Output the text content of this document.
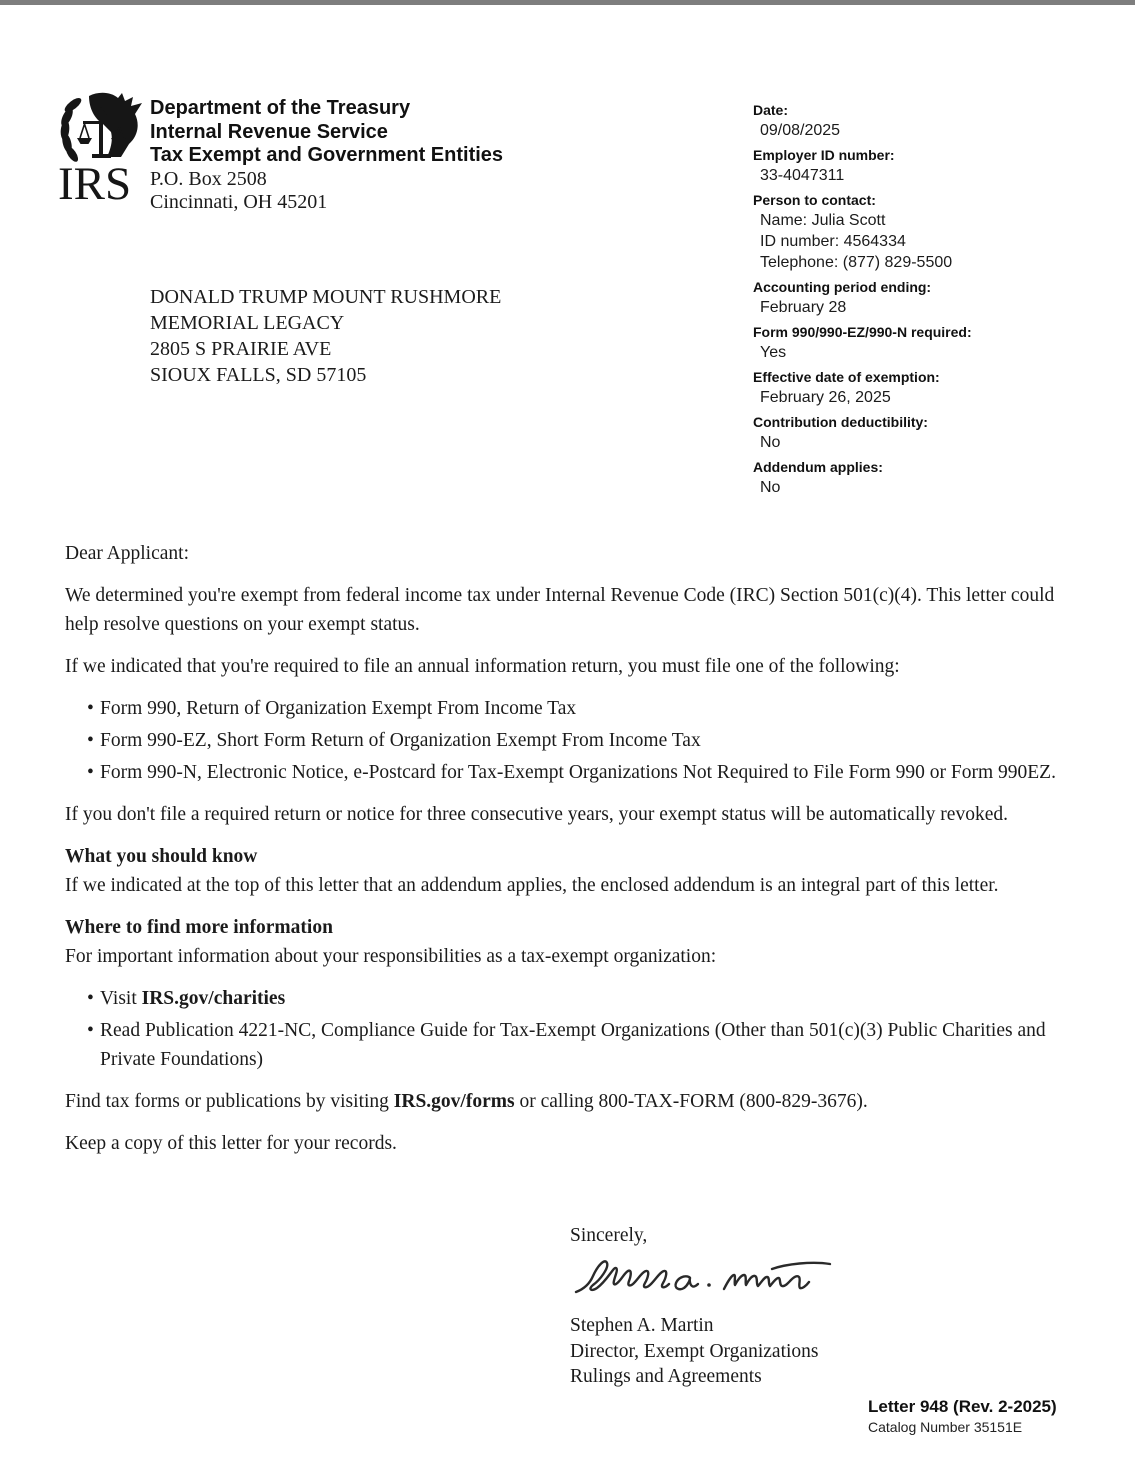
IRS
Department of the Treasury
Internal Revenue Service
Tax Exempt and Government Entities
P.O. Box 2508
Cincinnati, OH 45201
DONALD TRUMP MOUNT RUSHMORE
MEMORIAL LEGACY
2805 S PRAIRIE AVE
SIOUX FALLS, SD 57105
Date:
09/08/2025
Employer ID number:
33-4047311
Person to contact:
Name: Julia Scott
ID number: 4564334
Telephone: (877) 829-5500
Accounting period ending:
February 28
Form 990/990-EZ/990-N required:
Yes
Effective date of exemption:
February 26, 2025
Contribution deductibility:
No
Addendum applies:
No

Dear Applicant:

We determined you're exempt from federal income tax under Internal Revenue Code (IRC) Section 501(c)(4). This letter could help resolve questions on your exempt status.

If we indicated that you're required to file an annual information return, you must file one of the following:

• Form 990, Return of Organization Exempt From Income Tax
• Form 990-EZ, Short Form Return of Organization Exempt From Income Tax
• Form 990-N, Electronic Notice, e-Postcard for Tax-Exempt Organizations Not Required to File Form 990 or Form 990EZ.

If you don't file a required return or notice for three consecutive years, your exempt status will be automatically revoked.

What you should know

If we indicated at the top of this letter that an addendum applies, the enclosed addendum is an integral part of this letter.

Where to find more information

For important information about your responsibilities as a tax-exempt organization:

• Visit IRS.gov/charities
• Read Publication 4221-NC, Compliance Guide for Tax-Exempt Organizations (Other than 501(c)(3) Public Charities and Private Foundations)

Find tax forms or publications by visiting IRS.gov/forms or calling 800-TAX-FORM (800-829-3676).

Keep a copy of this letter for your records.

Sincerely,
Stephen A. Martin
Director, Exempt Organizations
Rulings and Agreements
Letter 948 (Rev. 2-2025)
Catalog Number 35151E
